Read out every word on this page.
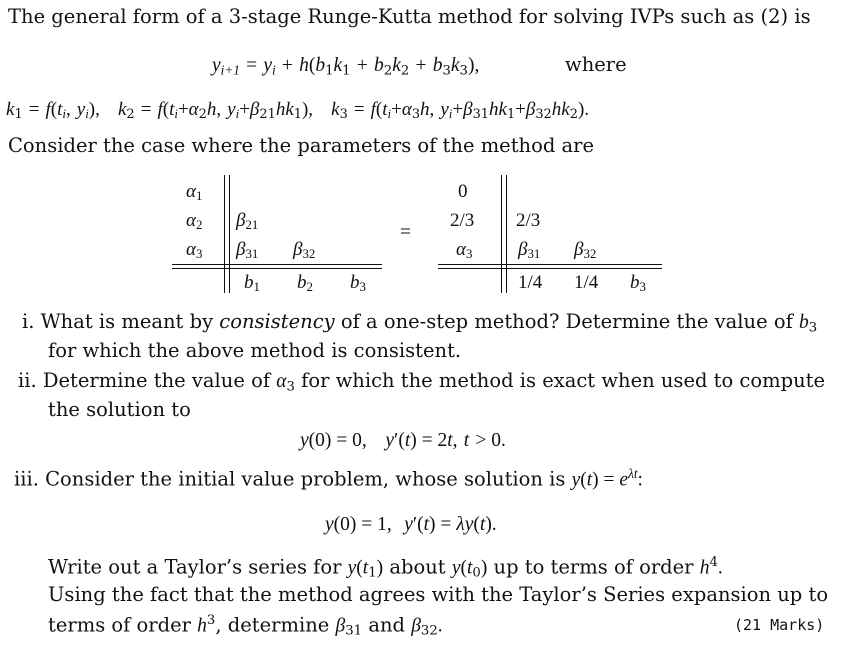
The general form of a 3-stage Runge-Kutta method for solving IVPs such as (2) is
$y_{i+1} = y_i + h(b_1k_1 + b_2k_2 + b_3k_3)$,	where
$k_1 = f(t_i$, $y_i$), $k_2 = f(t_i+\alpha_2h$, $y_i+\beta_{21}hk_1$), $k_3 = f(t_i+\alpha_3h$, $y_i+\beta_{31}hk_1+\beta_{32}hk_2$).
Consider the case where the parameters of the method are
$\alpha_1$
$\alpha_2$
$\alpha_3$
$\beta_{21}$
$\beta_{31}$ $\beta_{32}$
$b_1$ $b_2$ $b_3$
=
0
2/3
$\alpha_3$
2/3
$\beta_{31}$ $\beta_{32}$
1/4 1/4 $b_3$
i. What is meant by consistency of a one-step method? Determine the value of $b_3$
for which the above method is consistent.
ii. Determine the value of $\alpha_3$ for which the method is exact when used to compute
the solution to
y(0) = 0, y′(t) = 2t, t > 0.
iii. Consider the initial value problem, whose solution is $y(t) = e^{\lambda t}$:
y(0) = 1, y′(t) = λy(t).
Write out a Taylor’s series for $y(t_1)$ about $y(t_0)$ up to terms of order $h^4$.
Using the fact that the method agrees with the Taylor’s Series expansion up to
terms of order $h^3$, determine $\beta_{31}$ and $\beta_{32}$.	(21 Marks)
